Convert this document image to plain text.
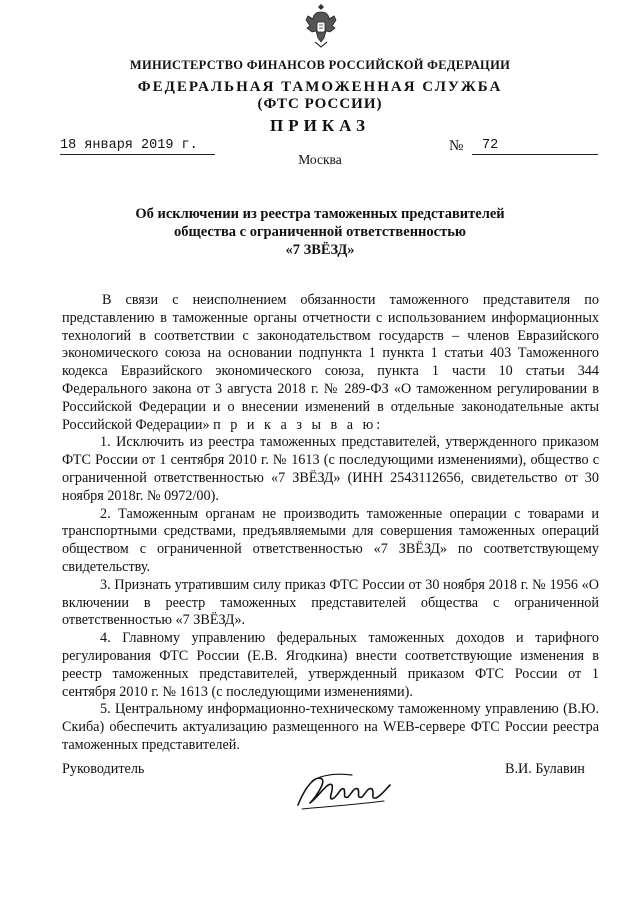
МИНИСТЕРСТВО ФИНАНСОВ РОССИЙСКОЙ ФЕДЕРАЦИИ
ФЕДЕРАЛЬНАЯ ТАМОЖЕННАЯ СЛУЖБА
(ФТС РОССИИ)
ПРИКАЗ
18 января 2019 г.	№	72
Москва
Об исключении из реестра таможенных представителей
общества с ограниченной ответственностью
«7 ЗВЁЗД»

В связи с неисполнением обязанности таможенного представителя по представлению в таможенные органы отчетности с использованием информационных технологий в соответствии с законодательством государств – членов Евразийского экономического союза на основании подпункта 1 пункта 1 статьи 403 Таможенного кодекса Евразийского экономического союза, пункта 1 части 10 статьи 344 Федерального закона от 3 августа 2018 г. № 289-ФЗ «О таможенном регулировании в Российской Федерации и о внесении изменений в отдельные законодательные акты Российской Федерации» п р и к а з ы в а ю:

1. Исключить из реестра таможенных представителей, утвержденного приказом ФТС России от 1 сентября 2010 г. № 1613 (с последующими изменениями), общество с ограниченной ответственностью «7 ЗВЁЗД» (ИНН 2543112656, свидетельство от 30 ноября 2018г. № 0972/00).

2. Таможенным органам не производить таможенные операции с товарами и транспортными средствами, предъявляемыми для совершения таможенных операций обществом с ограниченной ответственностью «7 ЗВЁЗД» по соответствующему свидетельству.

3. Признать утратившим силу приказ ФТС России от 30 ноября 2018 г. № 1956 «О включении в реестр таможенных представителей общества с ограниченной ответственностью «7 ЗВЁЗД».

4. Главному управлению федеральных таможенных доходов и тарифного регулирования ФТС России (Е.В. Ягодкина) внести соответствующие изменения в реестр таможенных представителей, утвержденный приказом ФТС России от 1 сентября 2010 г. № 1613 (с последующими изменениями).

5. Центральному информационно-техническому таможенному управлению (В.Ю. Скиба) обеспечить актуализацию размещенного на WEB-сервере ФТС России реестра таможенных представителей.

Руководитель	В.И. Булавин
